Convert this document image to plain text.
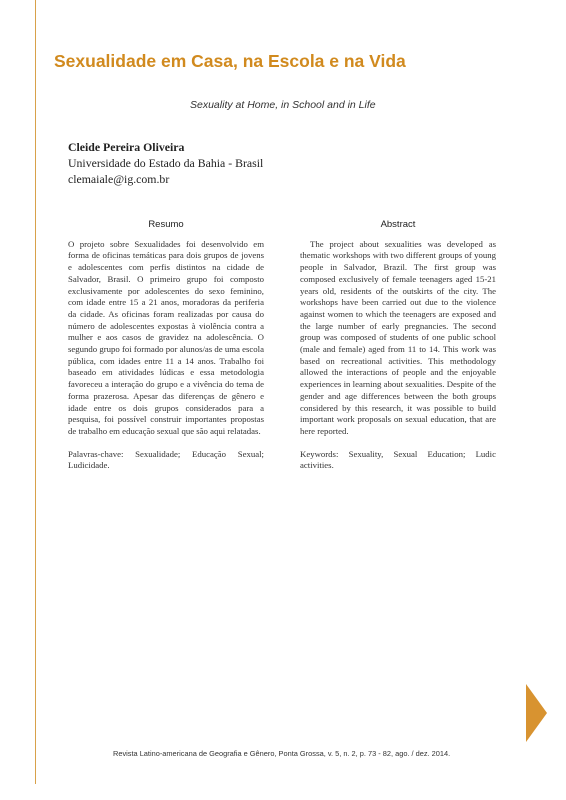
Sexualidade em Casa, na Escola e na Vida
Sexuality at Home, in School and in Life
Cleide Pereira Oliveira
Universidade do Estado da Bahia - Brasil
clemaiale@ig.com.br
Resumo

O projeto sobre Sexualidades foi desenvolvido em forma de oficinas temáticas para dois grupos de jovens e adolescentes com perfis distintos na cidade de Salvador, Brasil. O primeiro grupo foi composto exclusivamente por adolescentes do sexo feminino, com idade entre 15 a 21 anos, moradoras da periferia da cidade. As oficinas foram realizadas por causa do número de adolescentes expostas à violência contra a mulher e aos casos de gravidez na adolescência. O segundo grupo foi formado por alunos/as de uma escola pública, com idades entre 11 a 14 anos. Trabalho foi baseado em atividades lúdicas e essa metodologia favoreceu a interação do grupo e a vivência do tema de forma prazerosa. Apesar das diferenças de gênero e idade entre os dois grupos considerados para a pesquisa, foi possível construir importantes propostas de trabalho em educação sexual que são aqui relatadas.

Palavras-chave: Sexualidade; Educação Sexual; Ludicidade.

Abstract

The project about sexualities was developed as thematic workshops with two different groups of young people in Salvador, Brazil. The first group was composed exclusively of female teenagers aged 15-21 years old, residents of the outskirts of the city. The workshops have been carried out due to the violence against women to which the teenagers are exposed and the large number of early pregnancies. The second group was composed of students of one public school (male and female) aged from 11 to 14. This work was based on recreational activities. This methodology allowed the interactions of people and the enjoyable experiences in learning about sexualities. Despite of the gender and age differences between the both groups considered by this research, it was possible to build important work proposals on sexual education, that are here reported.

Keywords: Sexuality, Sexual Education; Ludic activities.

Revista Latino-americana de Geografia e Gênero, Ponta Grossa, v. 5, n. 2, p. 73 - 82, ago. / dez. 2014.
